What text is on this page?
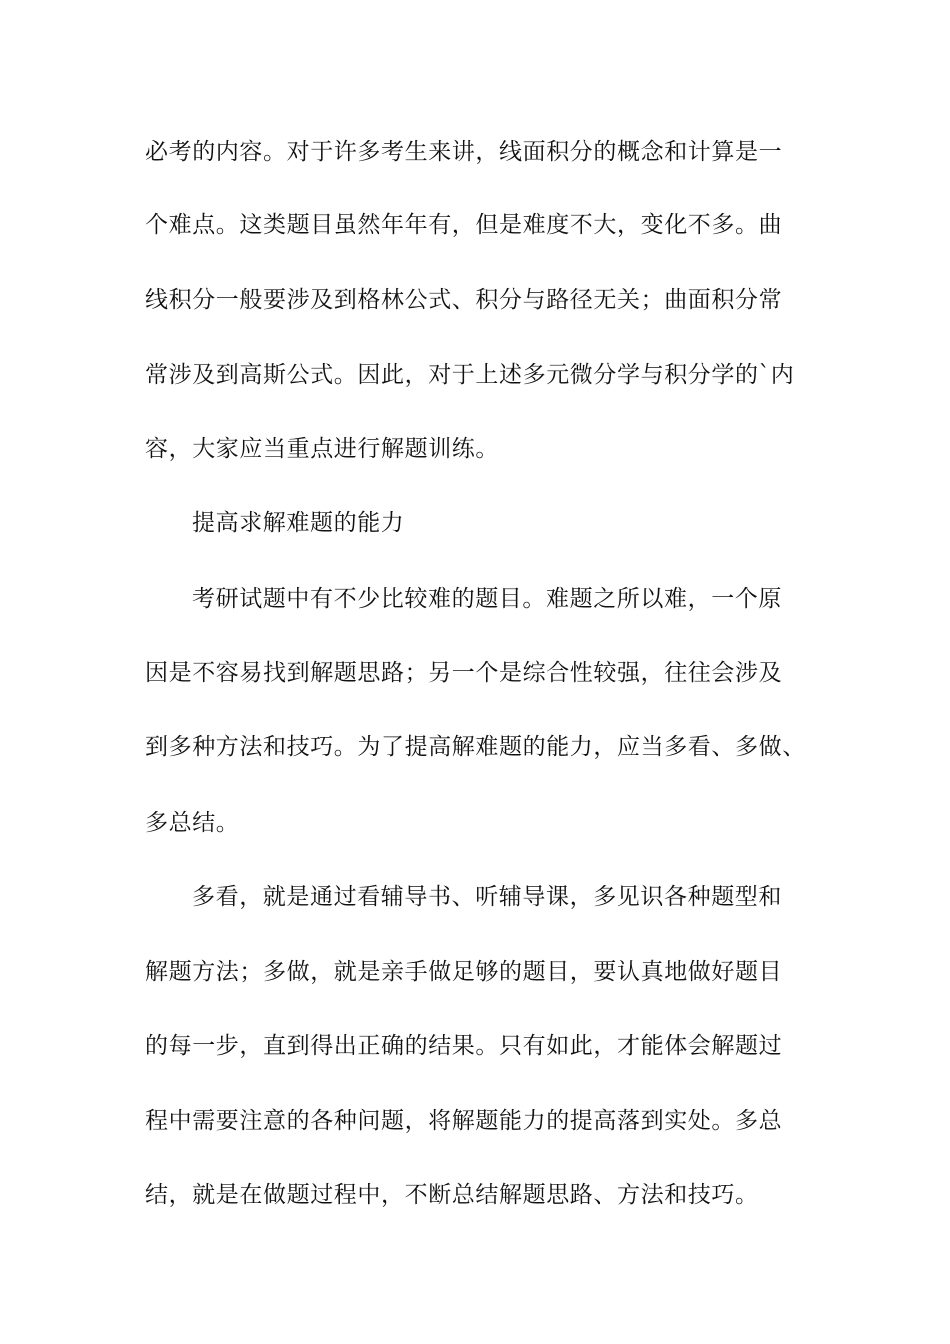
必考的内容。对于许多考生来讲，线面积分的概念和计算是一

个难点。这类题目虽然年年有，但是难度不大，变化不多。曲

线积分一般要涉及到格林公式、积分与路径无关；曲面积分常

常涉及到高斯公式。因此，对于上述多元微分学与积分学的`内

容，大家应当重点进行解题训练。

提高求解难题的能力

考研试题中有不少比较难的题目。难题之所以难，一个原

因是不容易找到解题思路；另一个是综合性较强，往往会涉及

到多种方法和技巧。为了提高解难题的能力，应当多看、多做、

多总结。

多看，就是通过看辅导书、听辅导课，多见识各种题型和

解题方法；多做，就是亲手做足够的题目，要认真地做好题目

的每一步，直到得出正确的结果。只有如此，才能体会解题过

程中需要注意的各种问题，将解题能力的提高落到实处。多总

结，就是在做题过程中，不断总结解题思路、方法和技巧。
